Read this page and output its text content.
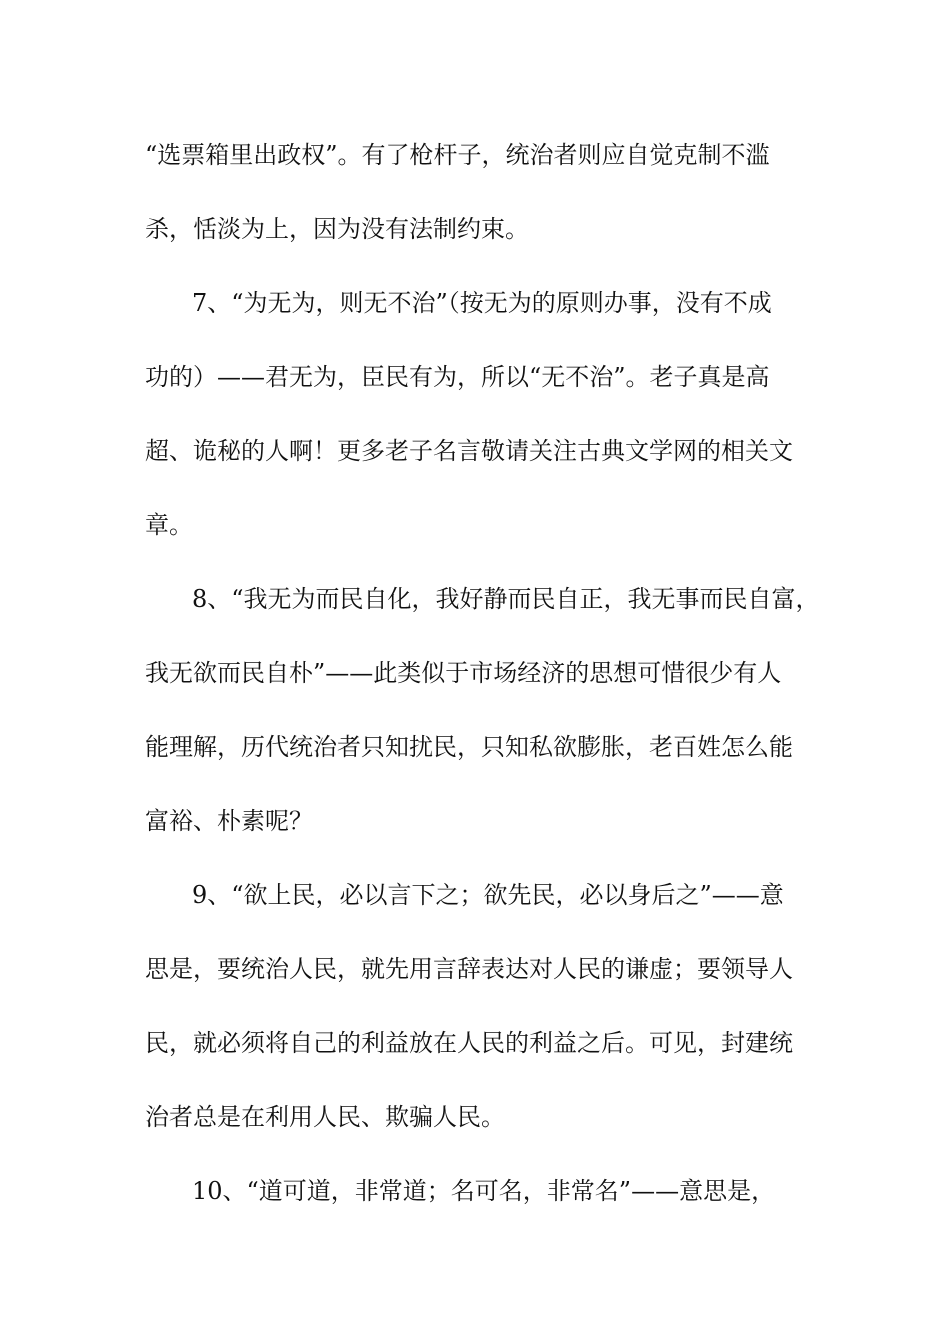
“选票箱里出政权”。有了枪杆子，统治者则应自觉克制不滥
杀，恬淡为上，因为没有法制约束。
7、“为无为，则无不治”（按无为的原则办事，没有不成
功的）——君无为，臣民有为，所以“无不治”。老子真是高
超、诡秘的人啊！更多老子名言敬请关注古典文学网的相关文
章。
8、“我无为而民自化，我好静而民自正，我无事而民自富，
我无欲而民自朴”——此类似于市场经济的思想可惜很少有人
能理解，历代统治者只知扰民，只知私欲膨胀，老百姓怎么能
富裕、朴素呢？
9、“欲上民，必以言下之；欲先民，必以身后之”——意
思是，要统治人民，就先用言辞表达对人民的谦虚；要领导人
民，就必须将自己的利益放在人民的利益之后。可见，封建统
治者总是在利用人民、欺骗人民。
10、“道可道，非常道；名可名，非常名”——意思是，
